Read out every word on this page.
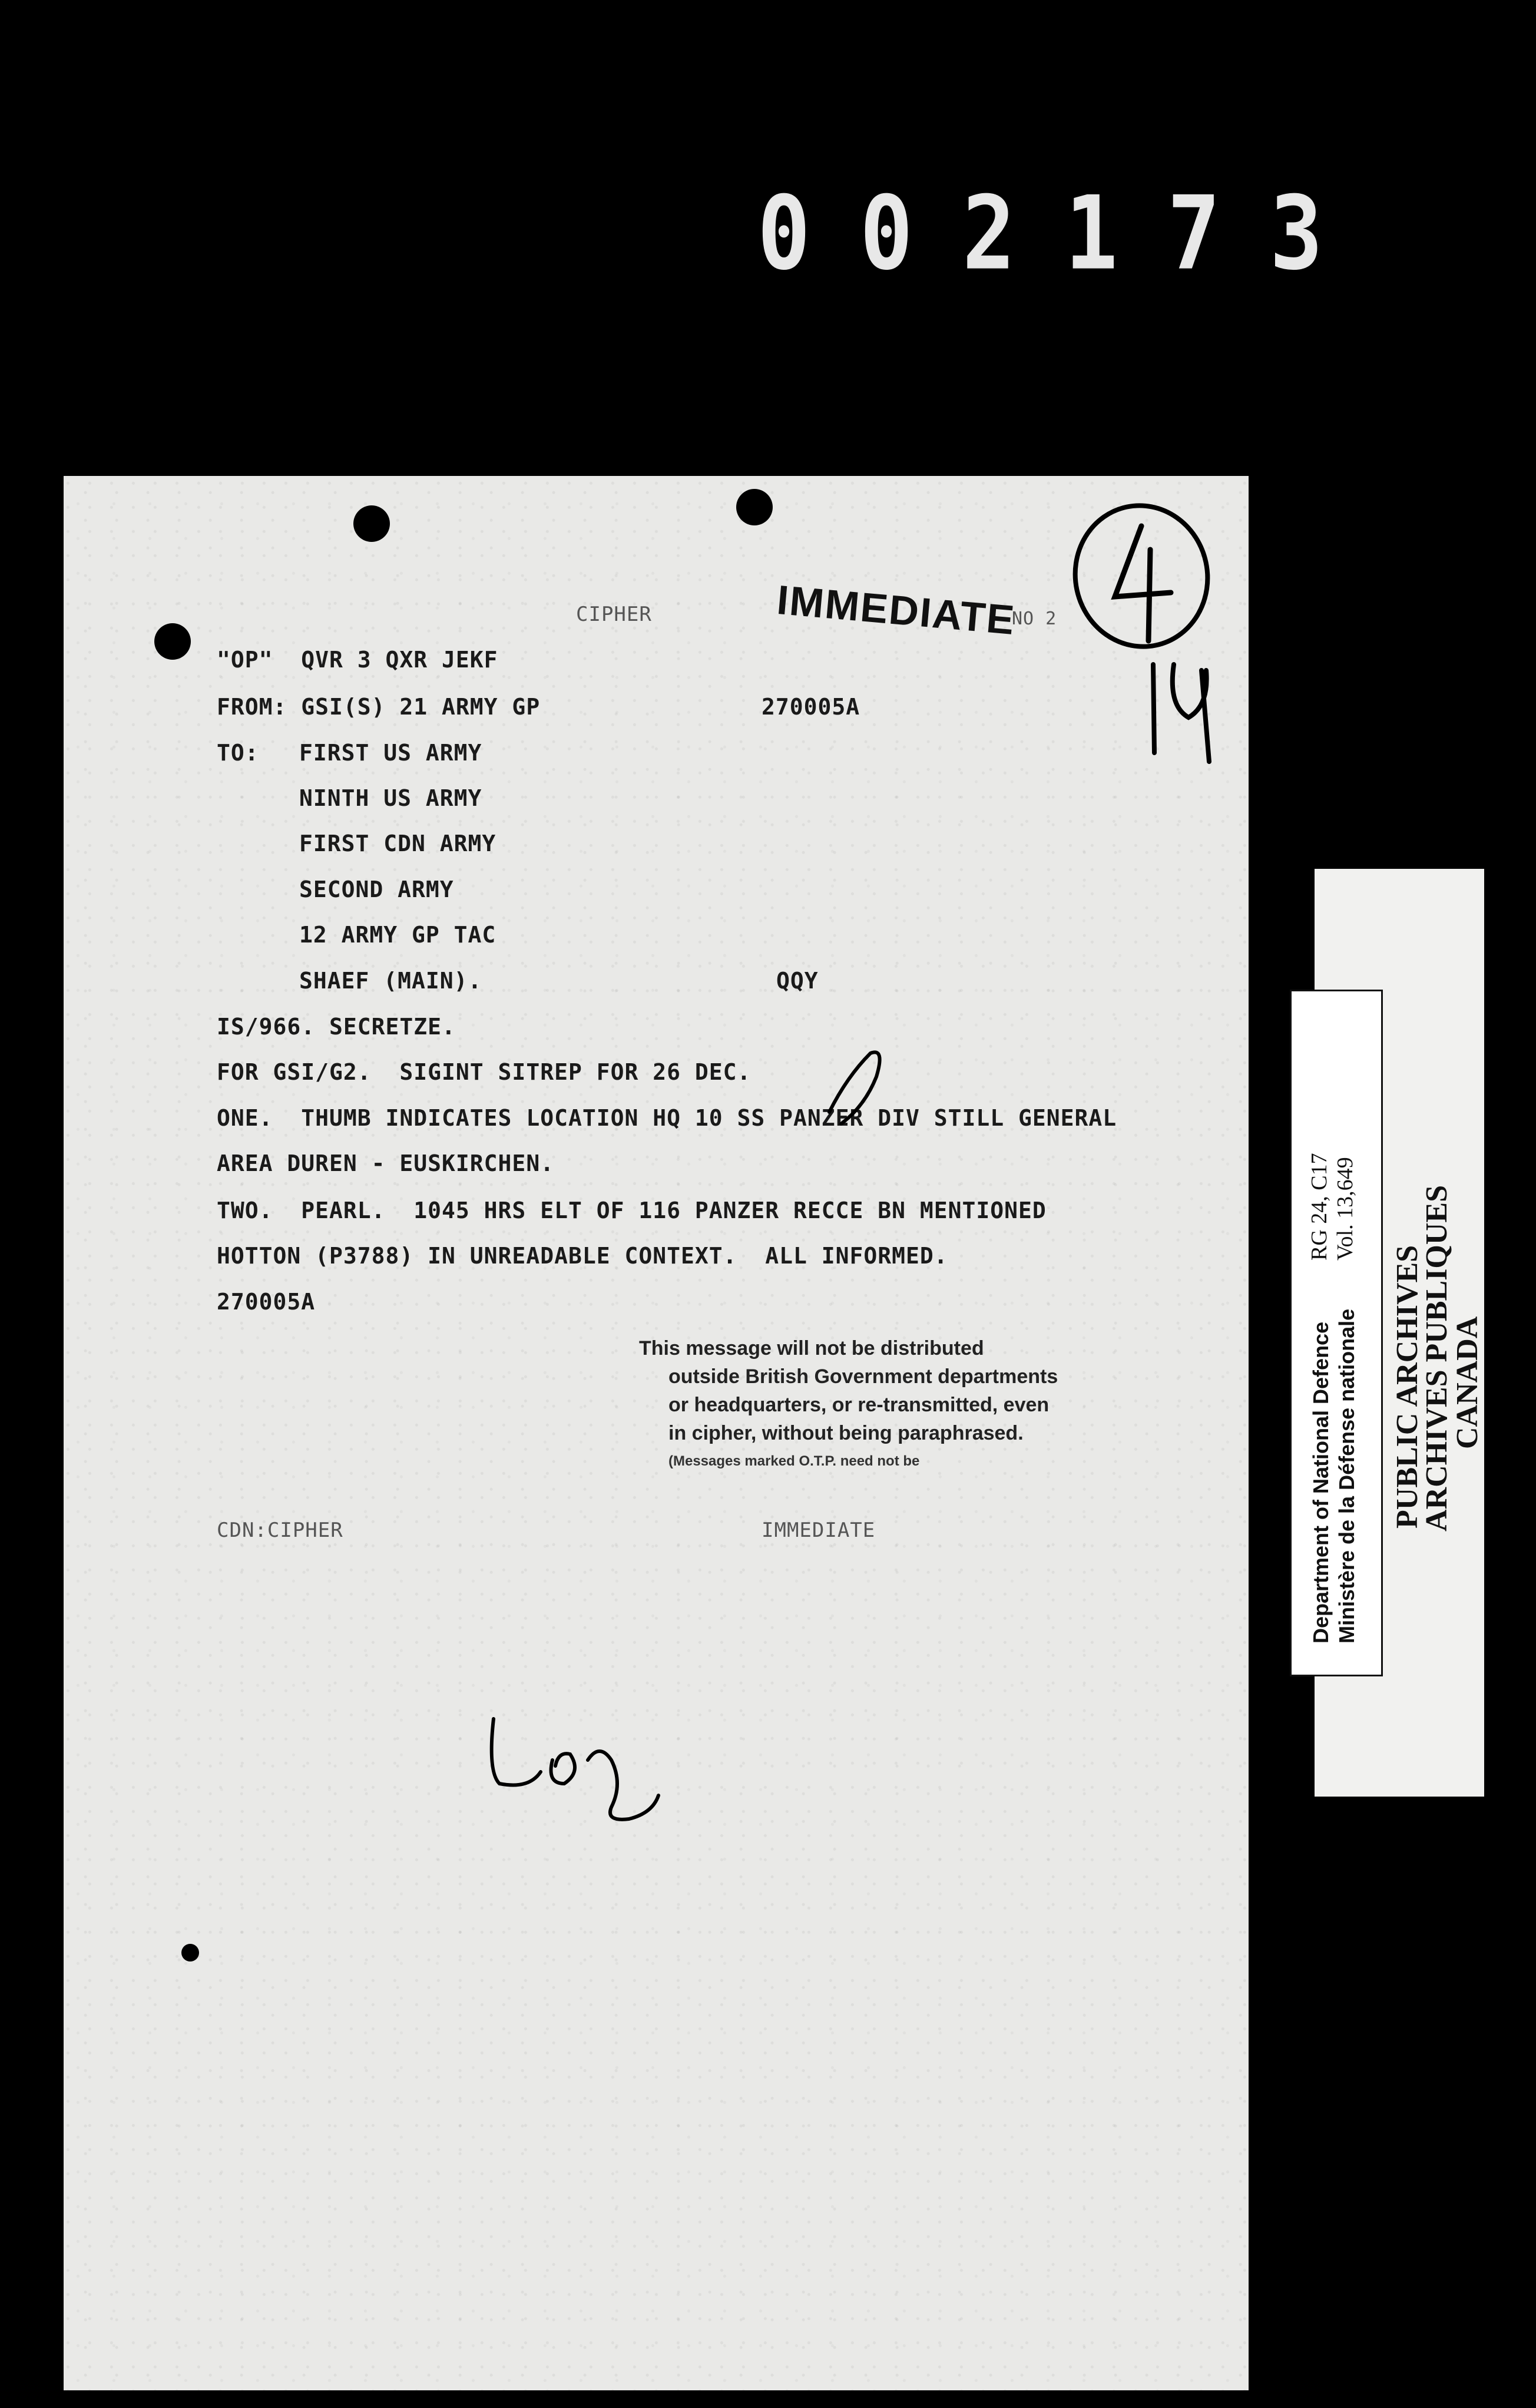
0 0 2 1 7 3
CIPHER	IMMEDIATE
NO 2
"OP"  QVR 3 QXR JEKF
FROM: GSI(S) 21 ARMY GP	270005A
TO: FIRST US ARMY
NINTH US ARMY
FIRST CDN ARMY
SECOND ARMY
12 ARMY GP TAC
SHAEF (MAIN).	QQY
IS/966. SECRETZE.
FOR GSI/G2.  SIGINT SITREP FOR 26 DEC.
ONE.  THUMB INDICATES LOCATION HQ 10 SS PANZER DIV STILL GENERAL
AREA DUREN - EUSKIRCHEN.
TWO.  PEARL.  1045 HRS ELT OF 116 PANZER RECCE BN MENTIONED
HOTTON (P3788) IN UNREADABLE CONTEXT.  ALL INFORMED.
270005A
CDN:CIPHER	IMMEDIATE
This message will not be distributed
outside British Government departments
or headquarters, or re-transmitted, even
in cipher, without being paraphrased.
(Messages marked O.T.P. need not be	Department of National Defence Ministère de la Défense nationale
RG 24, C17 Vol. 13,649
PUBLIC ARCHIVES
ARCHIVES PUBLIQUES
CANADA
